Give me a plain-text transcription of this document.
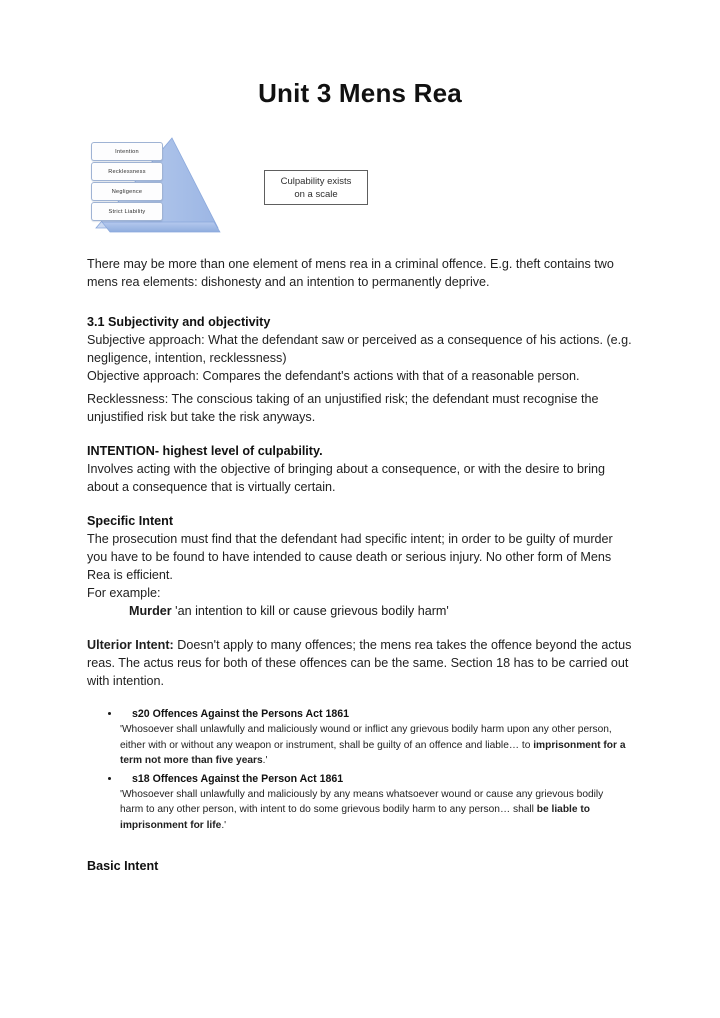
Unit 3 Mens Rea
Intention
Recklessness
Negligence
Strict Liability
Culpability exists
on a scale

There may be more than one element of mens rea in a criminal offence. E.g. theft contains two mens rea elements: dishonesty and an intention to permanently deprive.

3.1 Subjectivity and objectivity

Subjective approach: What the defendant saw or perceived as a consequence of his actions. (e.g. negligence, intention, recklessness)

Objective approach: Compares the defendant's actions with that of a reasonable person.

Recklessness: The conscious taking of an unjustified risk; the defendant must recognise the unjustified risk but take the risk anyways.

INTENTION- highest level of culpability.

Involves acting with the objective of bringing about a consequence, or with the desire to bring about a consequence that is virtually certain.

Specific Intent

The prosecution must find that the defendant had specific intent; in order to be guilty of murder you have to be found to have intended to cause death or serious injury. No other form of Mens Rea is efficient.

For example:

Murder 'an intention to kill or cause grievous bodily harm'

Ulterior Intent: Doesn't apply to many offences; the mens rea takes the offence beyond the actus reas. The actus reus for both of these offences can be the same. Section 18 has to be carried out with intention.

s20 Offences Against the Persons Act 1861
'Whosoever shall unlawfully and maliciously wound or inflict any grievous bodily harm upon any other person, either with or without any weapon or instrument, shall be guilty of an offence and liable… to imprisonment for a term not more than five years.'
s18 Offences Against the Person Act 1861
'Whosoever shall unlawfully and maliciously by any means whatsoever wound or cause any grievous bodily harm to any other person, with intent to do some grievous bodily harm to any person… shall be liable to imprisonment for life.'

Basic Intent
